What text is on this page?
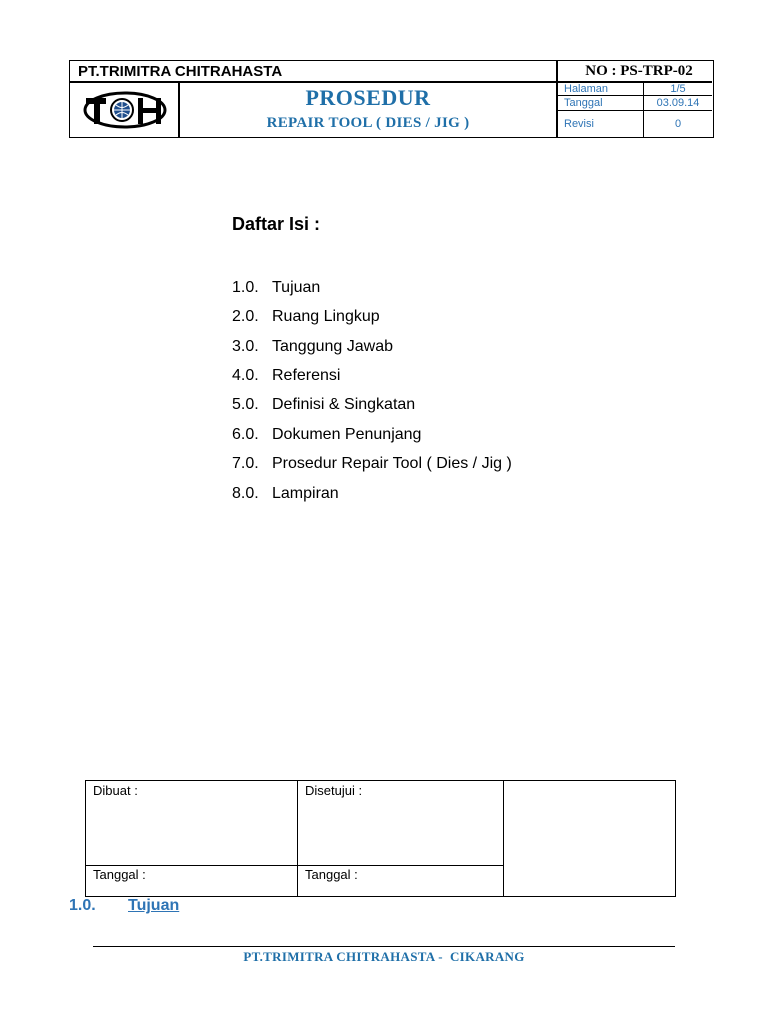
PT.TRIMITRA CHITRAHASTA	NO : PS-TRP-02
PROSEDUR
REPAIR TOOL ( DIES / JIG )
Halaman	1/5
Tanggal	03.09.14
Revisi	0
Daftar Isi :
1.0. Tujuan
2.0. Ruang Lingkup
3.0. Tanggung Jawab
4.0. Referensi
5.0. Definisi & Singkatan
6.0. Dokumen Penunjang
7.0. Prosedur Repair Tool ( Dies / Jig )
8.0. Lampiran
Dibuat :	Disetujui :
Tanggal :	Tanggal :
1.0. Tujuan
PT.TRIMITRA CHITRAHASTA -  CIKARANG
